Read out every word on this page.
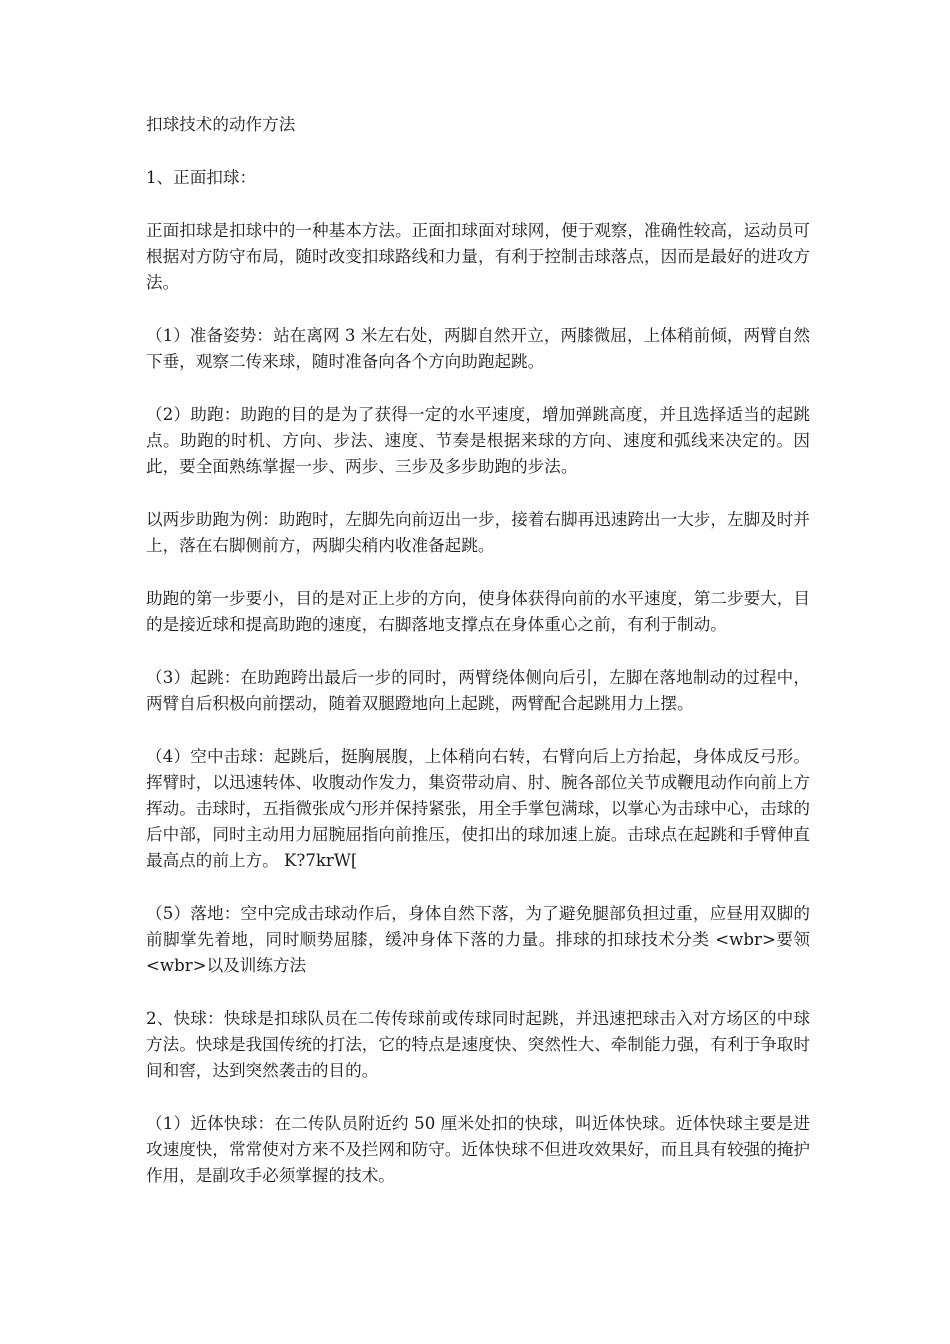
扣球技术的动作方法

1、正面扣球：

正面扣球是扣球中的一种基本方法。正面扣球面对球网，便于观察，准确性较高，运动员可根据对方防守布局，随时改变扣球路线和力量，有利于控制击球落点，因而是最好的进攻方法。

（1）准备姿势：站在离网 3 米左右处，两脚自然开立，两膝微屈，上体稍前倾，两臂自然下垂，观察二传来球，随时准备向各个方向助跑起跳。

（2）助跑：助跑的目的是为了获得一定的水平速度，增加弹跳高度，并且选择适当的起跳点。助跑的时机、方向、步法、速度、节奏是根据来球的方向、速度和弧线来决定的。因此，要全面熟练掌握一步、两步、三步及多步助跑的步法。

以两步助跑为例：助跑时，左脚先向前迈出一步，接着右脚再迅速跨出一大步，左脚及时并上，落在右脚侧前方，两脚尖稍内收准备起跳。

助跑的第一步要小，目的是对正上步的方向，使身体获得向前的水平速度，第二步要大，目的是接近球和提高助跑的速度，右脚落地支撑点在身体重心之前，有利于制动。

（3）起跳：在助跑跨出最后一步的同时，两臂绕体侧向后引，左脚在落地制动的过程中，两臂自后积极向前摆动，随着双腿蹬地向上起跳，两臂配合起跳用力上摆。

（4）空中击球：起跳后，挺胸展腹，上体稍向右转，右臂向后上方抬起，身体成反弓形。挥臂时，以迅速转体、收腹动作发力，集资带动肩、肘、腕各部位关节成鞭甩动作向前上方挥动。击球时，五指微张成勺形并保持紧张，用全手掌包满球，以掌心为击球中心，击球的后中部，同时主动用力屈腕屈指向前推压，使扣出的球加速上旋。击球点在起跳和手臂伸直最高点的前上方。 K?7krW[

（5）落地：空中完成击球动作后，身体自然下落，为了避免腿部负担过重，应昼用双脚的前脚掌先着地，同时顺势屈膝，缓冲身体下落的力量。排球的扣球技术分类 <wbr>要领 <wbr>以及训练方法

2、快球：快球是扣球队员在二传传球前或传球同时起跳，并迅速把球击入对方场区的中球方法。快球是我国传统的打法，它的特点是速度快、突然性大、牵制能力强，有利于争取时间和窖，达到突然袭击的目的。

（1）近体快球：在二传队员附近约 50 厘米处扣的快球，叫近体快球。近体快球主要是进攻速度快，常常使对方来不及拦网和防守。近体快球不但进攻效果好，而且具有较强的掩护作用，是副攻手必须掌握的技术。
